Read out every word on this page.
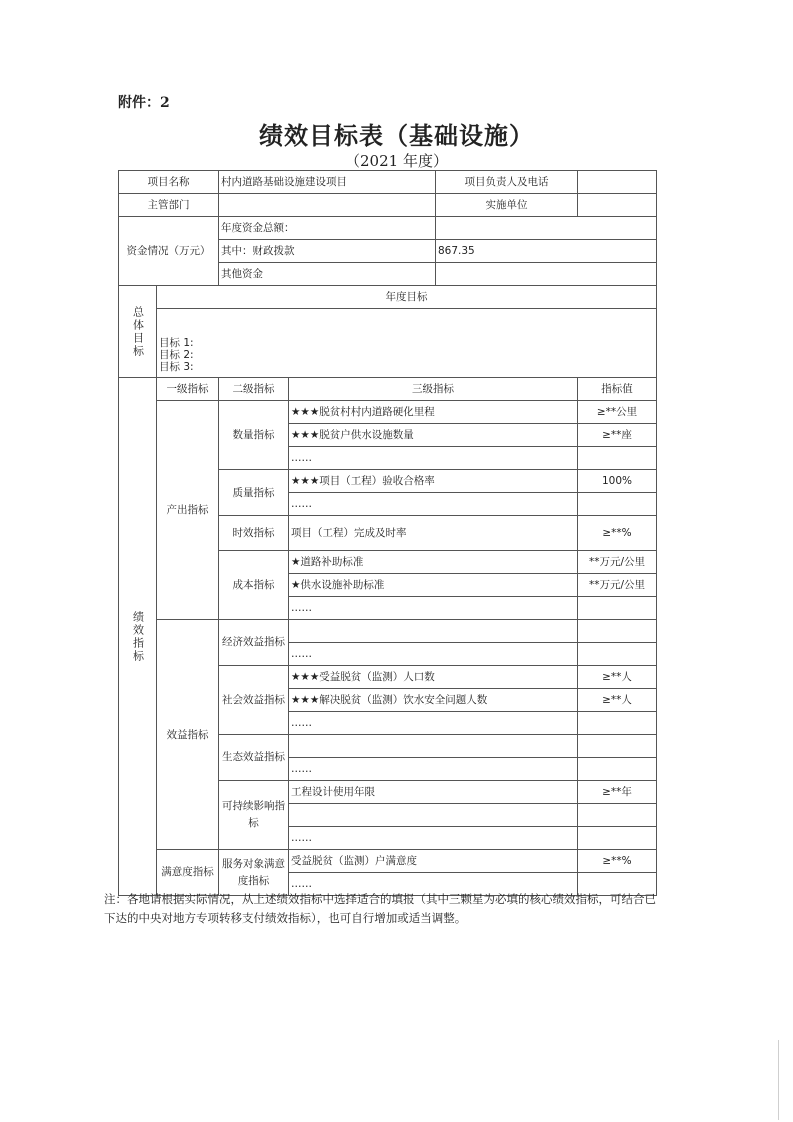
附件：2
绩效目标表（基础设施）
（2021 年度）
项目名称		村内道路基础设施建设项目		项目负责人及电话	
主管部门				实施单位	
资金情况（万元）		年度资金总额：			
		其中：财政拨款		867.35	
		其他资金			
总体目标	年度目标				

	目标 1:
目标 2:
目标 3:				

绩效指标	一级指标	二级指标	三级指标		指标值
	产出指标	数量指标	★★★脱贫村村内道路硬化里程		≥**公里
			★★★脱贫户供水设施数量		≥**座
			……		
		质量指标	★★★项目（工程）验收合格率		100%
			……		
		时效指标	项目（工程）完成及时率		≥**%
		成本指标	★道路补助标准		**万元/公里
			★供水设施补助标准		**万元/公里
			……		
	效益指标	经济效益指标			
			……		
		社会效益指标	★★★受益脱贫（监测）人口数		≥**人
			★★★解决脱贫（监测）饮水安全问题人数		≥**人
			……		
		生态效益指标			
			……		
		可持续影响指标	工程设计使用年限		≥**年

			……		
	满意度指标	服务对象满意度指标	受益脱贫（监测）户满意度		≥**%
			……		
注：各地请根据实际情况，从上述绩效指标中选择适合的填报（其中三颗星为必填的核心绩效指标，可结合已下达的中央对地方专项转移支付绩效指标），也可自行增加或适当调整。
